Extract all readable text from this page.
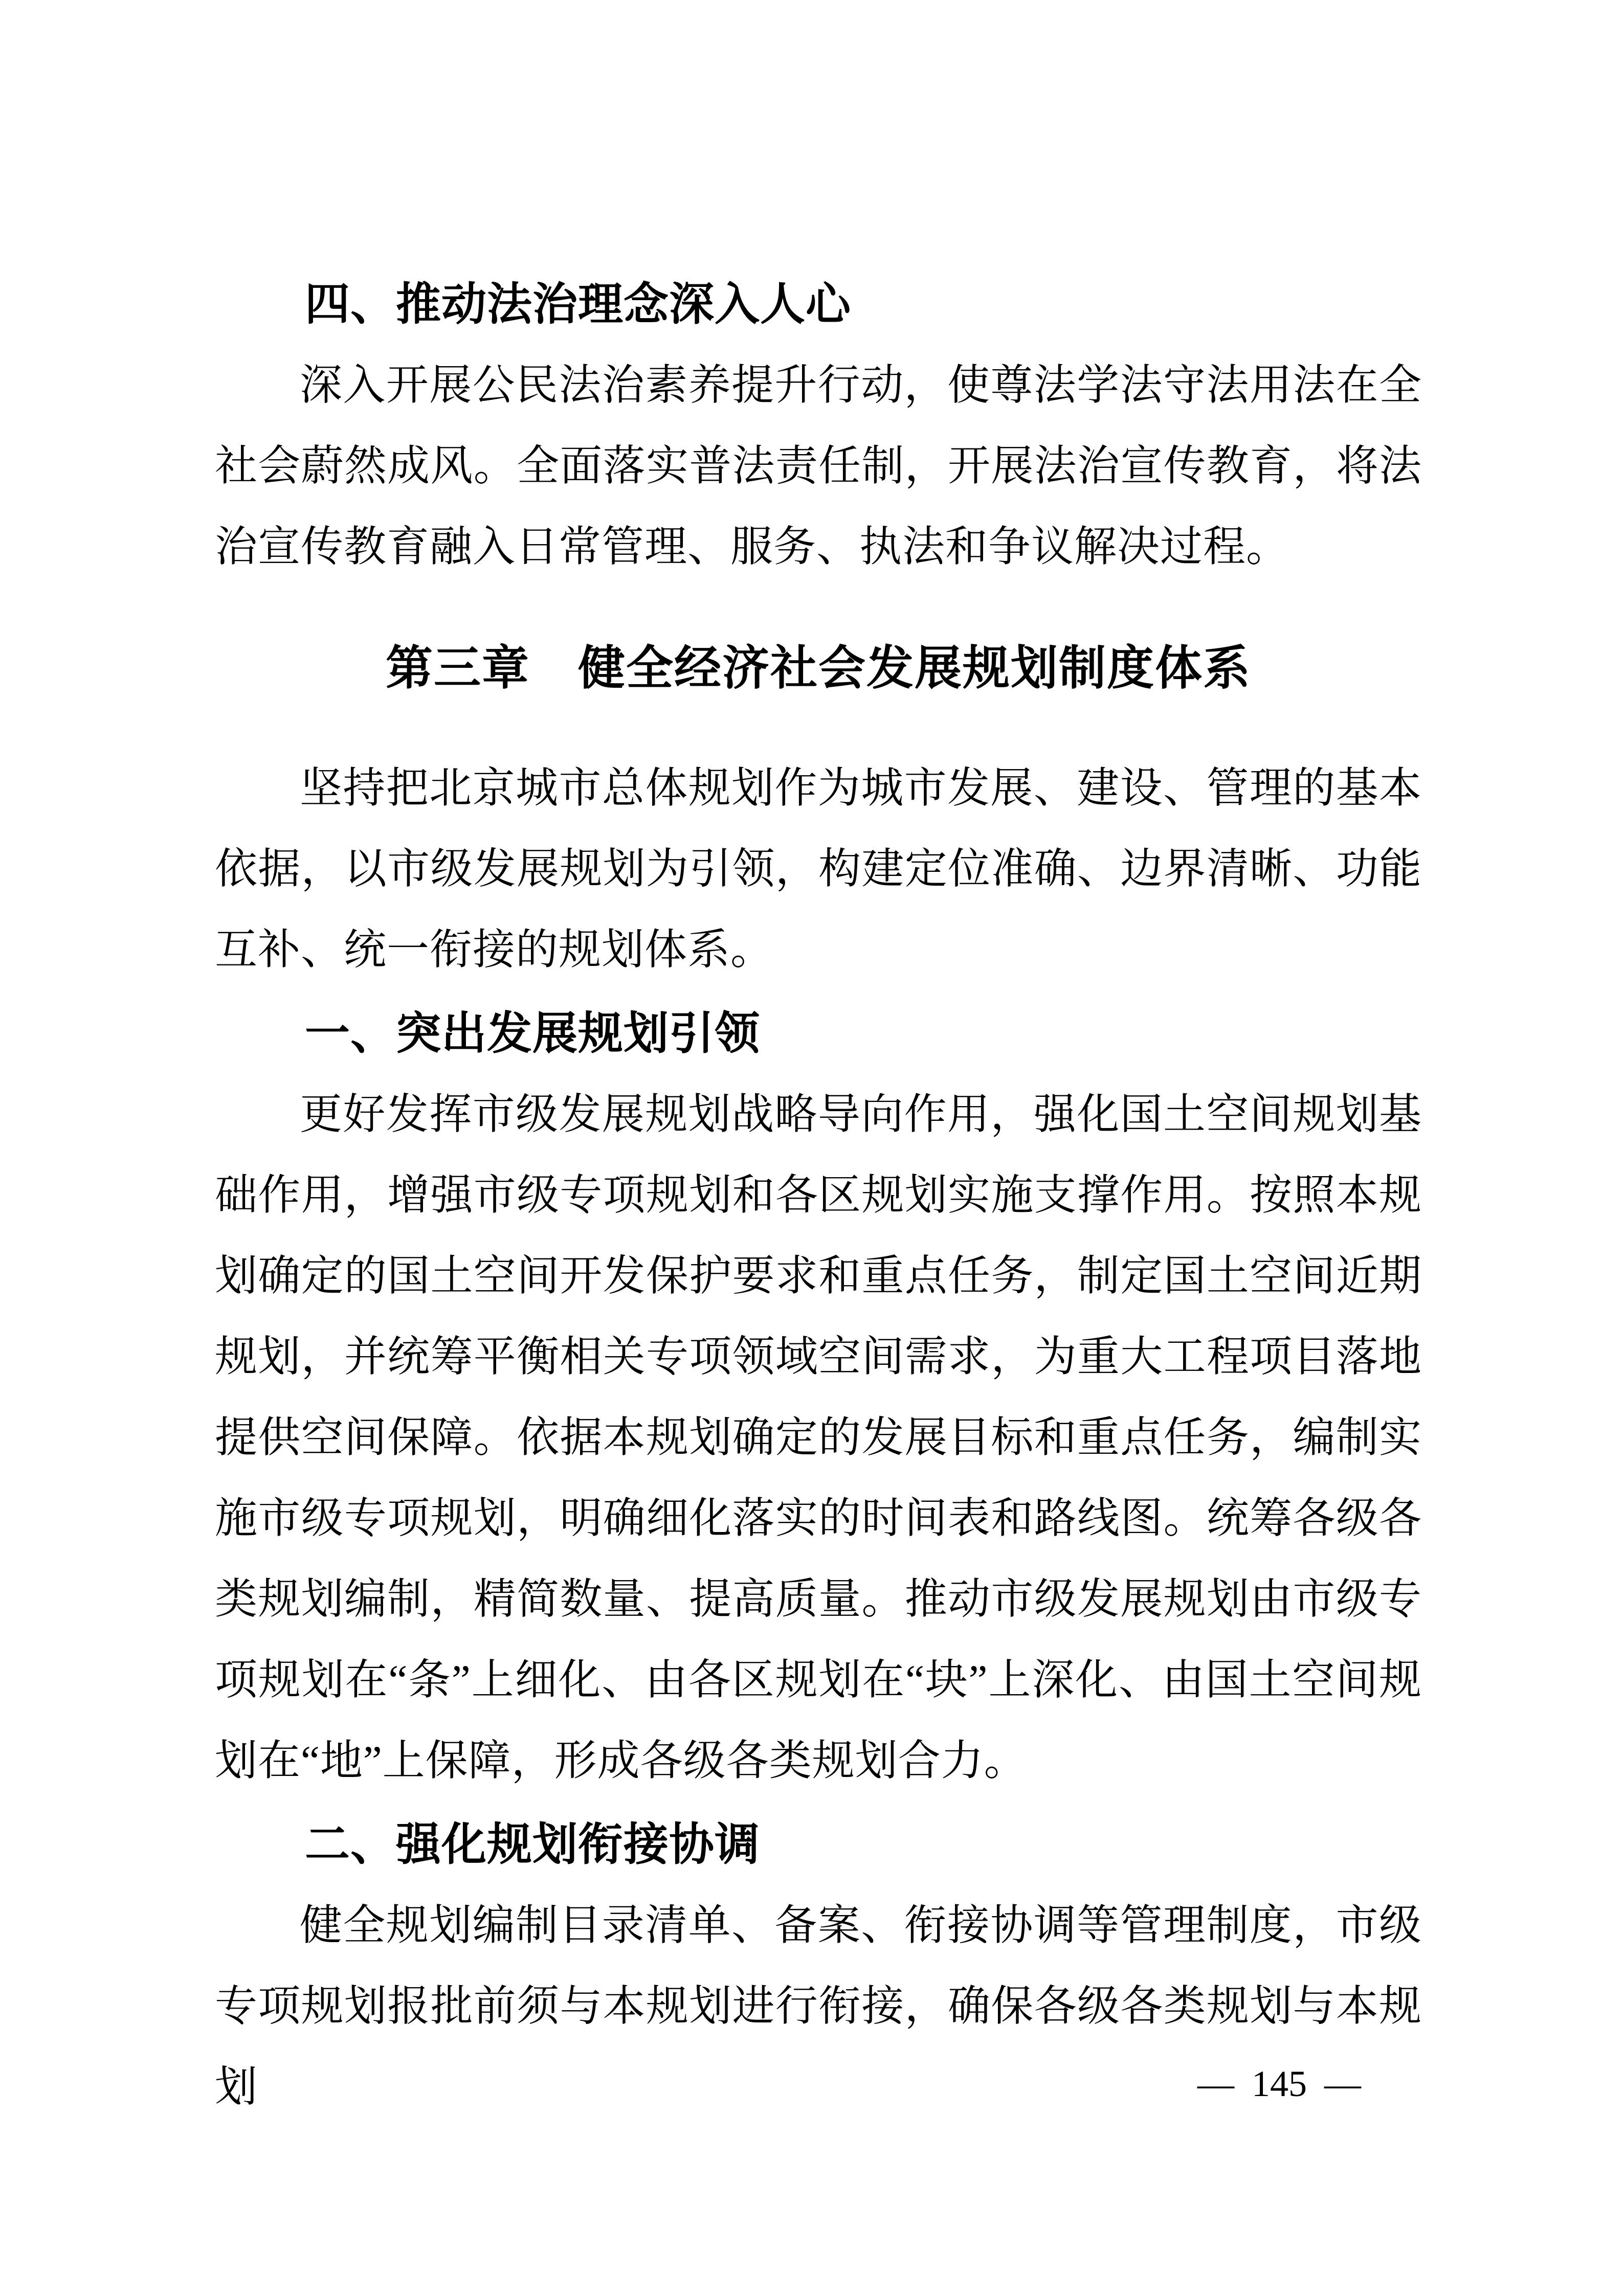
四、推动法治理念深入人心

深入开展公民法治素养提升行动，使尊法学法守法用法在全社会蔚然成风。全面落实普法责任制，开展法治宣传教育，将法治宣传教育融入日常管理、服务、执法和争议解决过程。

第三章　健全经济社会发展规划制度体系

坚持把北京城市总体规划作为城市发展、建设、管理的基本依据，以市级发展规划为引领，构建定位准确、边界清晰、功能互补、统一衔接的规划体系。

一、突出发展规划引领

更好发挥市级发展规划战略导向作用，强化国土空间规划基础作用，增强市级专项规划和各区规划实施支撑作用。按照本规划确定的国土空间开发保护要求和重点任务，制定国土空间近期规划，并统筹平衡相关专项领域空间需求，为重大工程项目落地提供空间保障。依据本规划确定的发展目标和重点任务，编制实施市级专项规划，明确细化落实的时间表和路线图。统筹各级各类规划编制，精简数量、提高质量。推动市级发展规划由市级专项规划在“条”上细化、由各区规划在“块”上深化、由国土空间规划在“地”上保障，形成各级各类规划合力。

二、强化规划衔接协调

健全规划编制目录清单、备案、衔接协调等管理制度，市级专项规划报批前须与本规划进行衔接，确保各级各类规划与本规划	— 145 —
